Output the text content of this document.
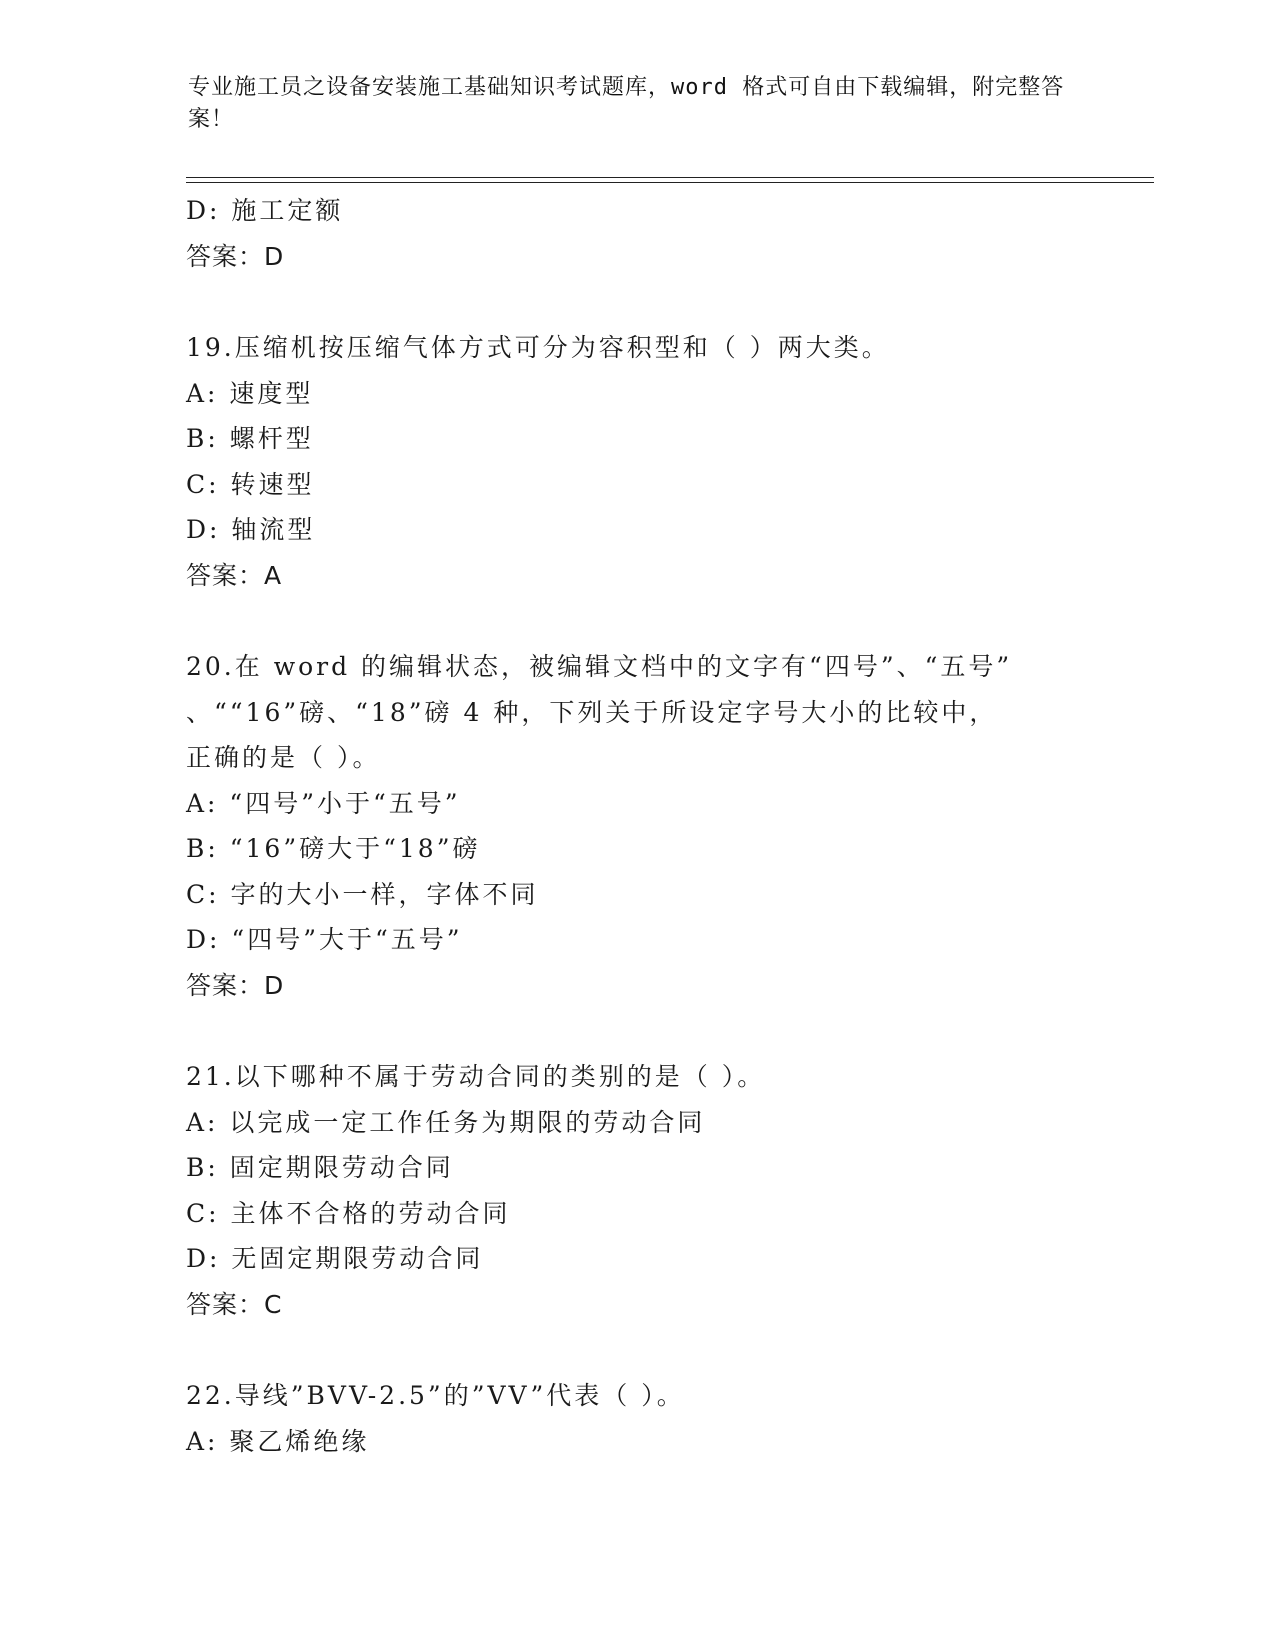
专业施工员之设备安装施工基础知识考试题库，word 格式可自由下载编辑，附完整答案！
D: 施工定额
答案：D
19.压缩机按压缩气体方式可分为容积型和（ ）两大类。
A: 速度型
B: 螺杆型
C: 转速型
D: 轴流型
答案：A
20.在 word 的编辑状态，被编辑文档中的文字有“四号”、“五号”
、““16”磅、“18”磅 4 种，下列关于所设定字号大小的比较中，
正确的是（ ）。
A: “四号”小于“五号”
B: “16”磅大于“18”磅
C: 字的大小一样，字体不同
D: “四号”大于“五号”
答案：D
21.以下哪种不属于劳动合同的类别的是（ ）。
A: 以完成一定工作任务为期限的劳动合同
B: 固定期限劳动合同
C: 主体不合格的劳动合同
D: 无固定期限劳动合同
答案：C
22.导线”BVV-2.5”的”VV”代表（ ）。
A: 聚乙烯绝缘
